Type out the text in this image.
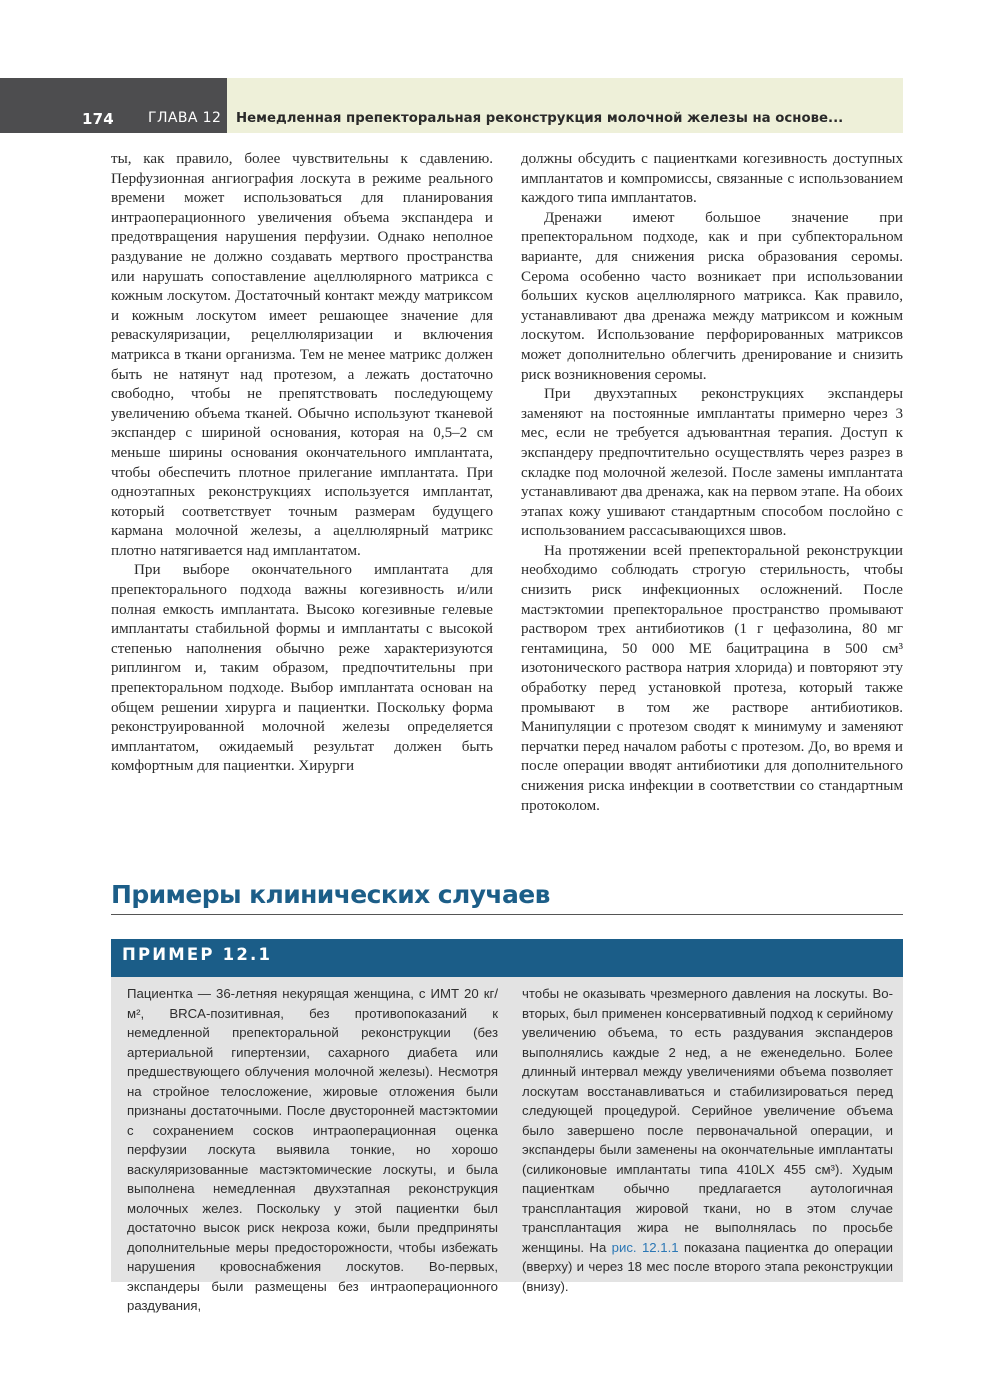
174 ГЛАВА 12 Немедленная препекторальная реконструкция молочной железы на основе...

ты, как правило, более чувствительны к сдавлению. Перфузионная ангиография лоскута в режиме реального времени может использоваться для планирования интраоперационного увеличения объема экспандера и предотвращения нарушения перфузии. Однако неполное раздувание не должно создавать мертвого пространства или нарушать сопоставление ацеллюлярного матрикса с кожным лоскутом. Достаточный контакт между матриксом и кожным лоскутом имеет решающее значение для реваскуляризации, рецеллюляризации и включения матрикса в ткани организма. Тем не менее матрикс должен быть не натянут над протезом, а лежать достаточно свободно, чтобы не препятствовать последующему увеличению объема тканей. Обычно используют тканевой экспандер с шириной основания, которая на 0,5–2 см меньше ширины основания окончательного имплантата, чтобы обеспечить плотное прилегание имплантата. При одноэтапных реконструкциях используется имплантат, который соответствует точным размерам будущего кармана молочной железы, а ацеллюлярный матрикс плотно натягивается над имплантатом.

При выборе окончательного имплантата для препекторального подхода важны когезивность и/или полная емкость имплантата. Высоко когезивные гелевые имплантаты стабильной формы и имплантаты с высокой степенью наполнения обычно реже характеризуются риплингом и, таким образом, предпочтительны при препекторальном подходе. Выбор имплантата основан на общем решении хирурга и пациентки. Поскольку форма реконструированной молочной железы определяется имплантатом, ожидаемый результат должен быть комфортным для пациентки. Хирурги

должны обсудить с пациентками когезивность доступных имплантатов и компромиссы, связанные с использованием каждого типа имплантатов.

Дренажи имеют большое значение при препекторальном подходе, как и при субпекторальном варианте, для снижения риска образования серомы. Серома особенно часто возникает при использовании больших кусков ацеллюлярного матрикса. Как правило, устанавливают два дренажа между матриксом и кожным лоскутом. Использование перфорированных матриксов может дополнительно облегчить дренирование и снизить риск возникновения серомы.

При двухэтапных реконструкциях экспандеры заменяют на постоянные имплантаты примерно через 3 мес, если не требуется адъювантная терапия. Доступ к экспандеру предпочтительно осуществлять через разрез в складке под молочной железой. После замены имплантата устанавливают два дренажа, как на первом этапе. На обоих этапах кожу ушивают стандартным способом послойно с использованием рассасывающихся швов.

На протяжении всей препекторальной реконструкции необходимо соблюдать строгую стерильность, чтобы снизить риск инфекционных осложнений. После мастэктомии препекторальное пространство промывают раствором трех антибиотиков (1 г цефазолина, 80 мг гентамицина, 50 000 МЕ бацитрацина в 500 см³ изотонического раствора натрия хлорида) и повторяют эту обработку перед установкой протеза, который также промывают в том же растворе антибиотиков. Манипуляции с протезом сводят к минимуму и заменяют перчатки перед началом работы с протезом. До, во время и после операции вводят антибиотики для дополнительного снижения риска инфекции в соответствии со стандартным протоколом.

Примеры клинических случаев
ПРИМЕР 12.1

Пациентка — 36-летняя некурящая женщина, с ИМТ 20 кг/м², BRCA-позитивная, без противопоказаний к немедленной препекторальной реконструкции (без артериальной гипертензии, сахарного диабета или предшествующего облучения молочной железы). Несмотря на стройное телосложение, жировые отложения были признаны достаточными. После двусторонней мастэктомии с сохранением сосков интраоперационная оценка перфузии лоскута выявила тонкие, но хорошо васкуляризованные мастэктомические лоскуты, и была выполнена немедленная двухэтапная реконструкция молочных желез. Поскольку у этой пациентки был достаточно высок риск некроза кожи, были предприняты дополнительные меры предосторожности, чтобы избежать нарушения кровоснабжения лоскутов. Во-первых, экспандеры были размещены без интраоперационного раздувания,

чтобы не оказывать чрезмерного давления на лоскуты. Во-вторых, был применен консервативный подход к серийному увеличению объема, то есть раздувания экспандеров выполнялись каждые 2 нед, а не еженедельно. Более длинный интервал между увеличениями объема позволяет лоскутам восстанавливаться и стабилизироваться перед следующей процедурой. Серийное увеличение объема было завершено после первоначальной операции, и экспандеры были заменены на окончательные имплантаты (силиконовые имплантаты типа 410LX 455 см³). Худым пациенткам обычно предлагается аутологичная трансплантация жировой ткани, но в этом случае трансплантация жира не выполнялась по просьбе женщины. На рис. 12.1.1 показана пациентка до операции (вверху) и через 18 мес после второго этапа реконструкции (внизу).
